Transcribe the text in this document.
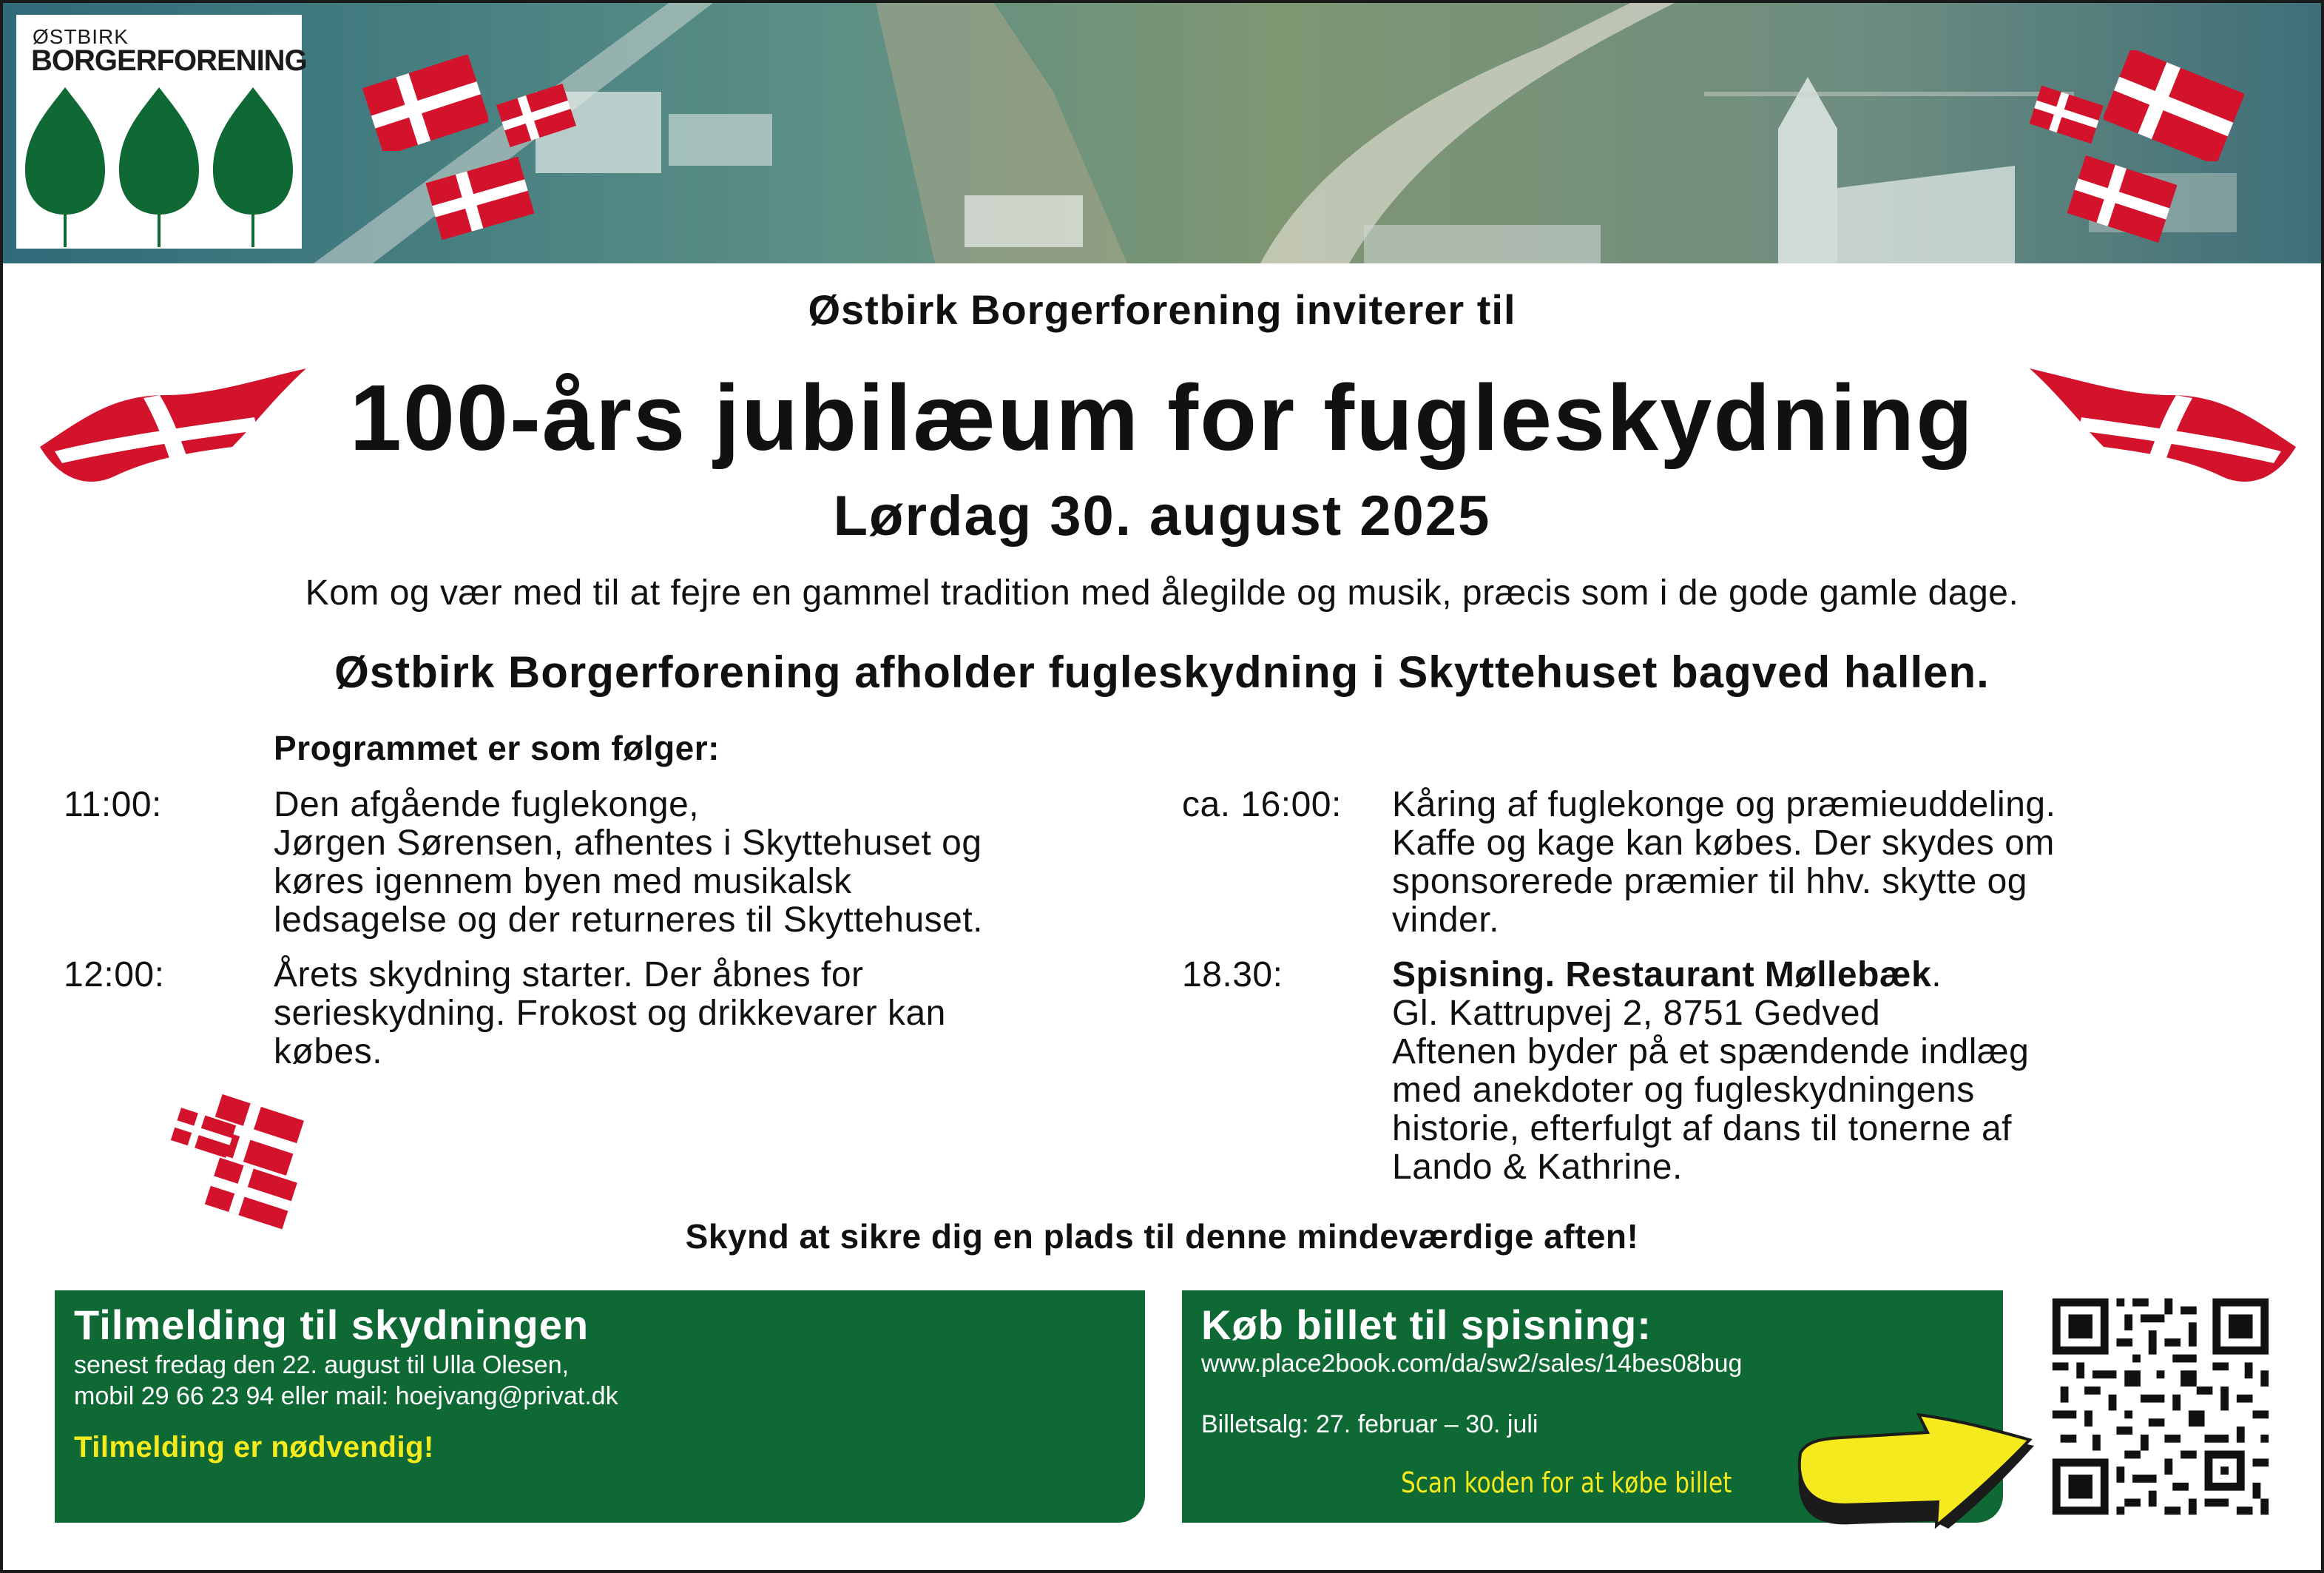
ØSTBIRK
BORGERFORENING
Østbirk Borgerforening inviterer til
100-års jubilæum for fugleskydning
Lørdag 30. august 2025
Kom og vær med til at fejre en gammel tradition med ålegilde og musik, præcis som i de gode gamle dage.
Østbirk Borgerforening afholder fugleskydning i Skyttehuset bagved hallen.
Programmet er som følger:
11:00:	Den afgående fuglekonge,
Jørgen Sørensen, afhentes i Skyttehuset og
køres igennem byen med musikalsk
ledsagelse og der returneres til Skyttehuset.
12:00:	Årets skydning starter. Der åbnes for
serieskydning. Frokost og drikkevarer kan
købes.
ca. 16:00: Kåring af fuglekonge og præmieuddeling.
Kaffe og kage kan købes. Der skydes om
sponsorerede præmier til hhv. skytte og
vinder.
18.30:	Spisning. Restaurant Møllebæk.
Gl. Kattrupvej 2, 8751 Gedved
Aftenen byder på et spændende indlæg
med anekdoter og fugleskydningens
historie, efterfulgt af dans til tonerne af
Lando & Kathrine.
Skynd at sikre dig en plads til denne mindeværdige aften!
Tilmelding til skydningen
senest fredag den 22. august til Ulla Olesen,
mobil 29 66 23 94 eller mail: hoejvang@privat.dk
Tilmelding er nødvendig!
Køb billet til spisning:
www.place2book.com/da/sw2/sales/14bes08bug
Billetsalg: 27. februar – 30. juli
Scan koden for at købe billet
